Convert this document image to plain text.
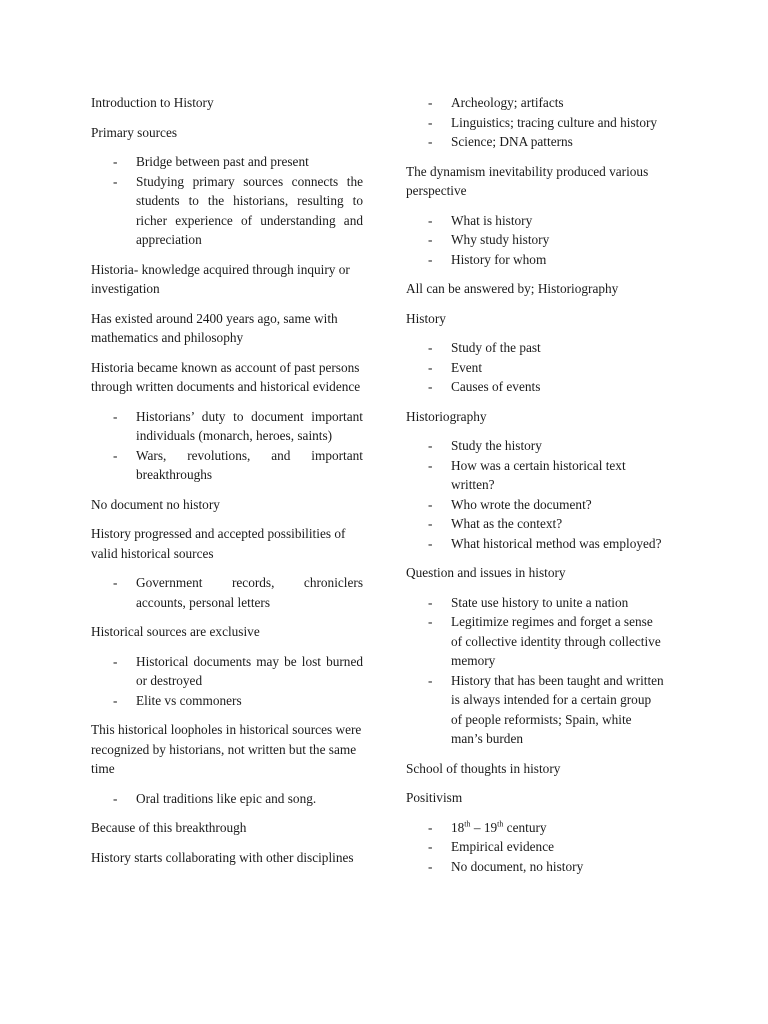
Introduction to History

Primary sources

- Bridge between past and present
- Studying primary sources connects the students to the historians, resulting to richer experience of understanding and appreciation

Historia- knowledge acquired through inquiry or investigation

Has existed around 2400 years ago, same with mathematics and philosophy

Historia became known as account of past persons through written documents and historical evidence

- Historians’ duty to document important individuals (monarch, heroes, saints)
- Wars, revolutions, and important breakthroughs

No document no history

History progressed and accepted possibilities of valid historical sources

- Government records, chroniclers accounts, personal letters

Historical sources are exclusive

- Historical documents may be lost burned or destroyed
- Elite vs commoners

This historical loopholes in historical sources were recognized by historians, not written but the same time

- Oral traditions like epic and song.

Because of this breakthrough

History starts collaborating with other disciplines

- Archeology; artifacts
- Linguistics; tracing culture and history
- Science; DNA patterns

The dynamism inevitability produced various perspective

- What is history
- Why study history
- History for whom

All can be answered by; Historiography

History

- Study of the past
- Event
- Causes of events

Historiography

- Study the history
- How was a certain historical text written?
- Who wrote the document?
- What as the context?
- What historical method was employed?

Question and issues in history

- State use history to unite a nation
- Legitimize regimes and forget a sense of collective identity through collective memory
- History that has been taught and written is always intended for a certain group of people reformists; Spain, white man’s burden

School of thoughts in history

Positivism

- 18th – 19th century
- Empirical evidence
- No document, no history
